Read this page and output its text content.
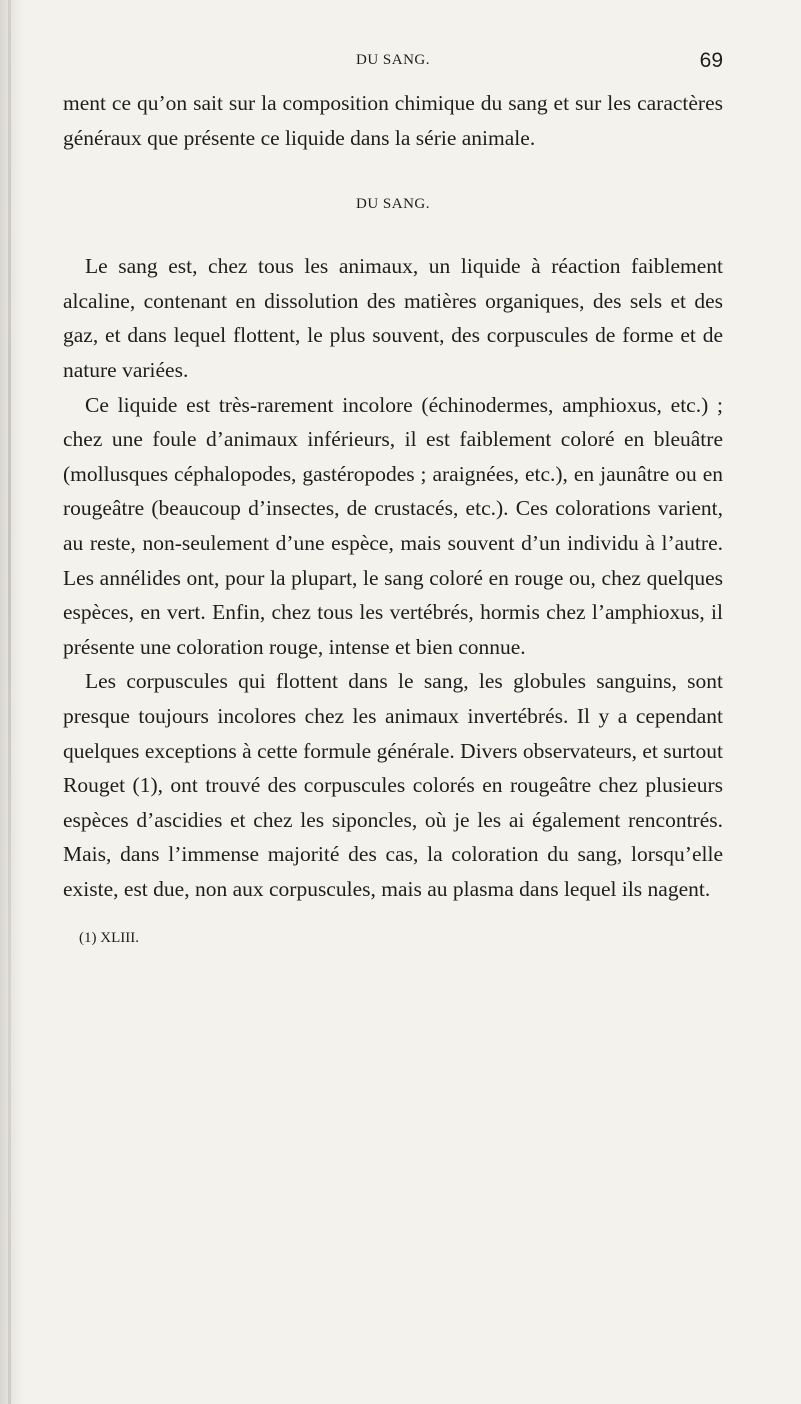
DU SANG.	69

ment ce qu’on sait sur la composition chimique du sang et sur les caractères généraux que présente ce liquide dans la série animale.

DU SANG.

Le sang est, chez tous les animaux, un liquide à réaction faiblement alcaline, contenant en dissolution des matières organiques, des sels et des gaz, et dans lequel flottent, le plus souvent, des corpuscules de forme et de nature variées.

Ce liquide est très-rarement incolore (échinodermes, amphioxus, etc.) ; chez une foule d’animaux inférieurs, il est faiblement coloré en bleuâtre (mollusques céphalopodes, gastéropodes ; araignées, etc.), en jaunâtre ou en rougeâtre (beaucoup d’insectes, de crustacés, etc.). Ces colorations varient, au reste, non-seulement d’une espèce, mais souvent d’un individu à l’autre. Les annélides ont, pour la plupart, le sang coloré en rouge ou, chez quelques espèces, en vert. Enfin, chez tous les vertébrés, hormis chez l’amphioxus, il présente une coloration rouge, intense et bien connue.

Les corpuscules qui flottent dans le sang, les globules sanguins, sont presque toujours incolores chez les animaux invertébrés. Il y a cependant quelques exceptions à cette formule générale. Divers observateurs, et surtout Rouget (1), ont trouvé des corpuscules colorés en rougeâtre chez plusieurs espèces d’ascidies et chez les siponcles, où je les ai également rencontrés. Mais, dans l’immense majorité des cas, la coloration du sang, lorsqu’elle existe, est due, non aux corpuscules, mais au plasma dans lequel ils nagent.

(1) XLIII.
